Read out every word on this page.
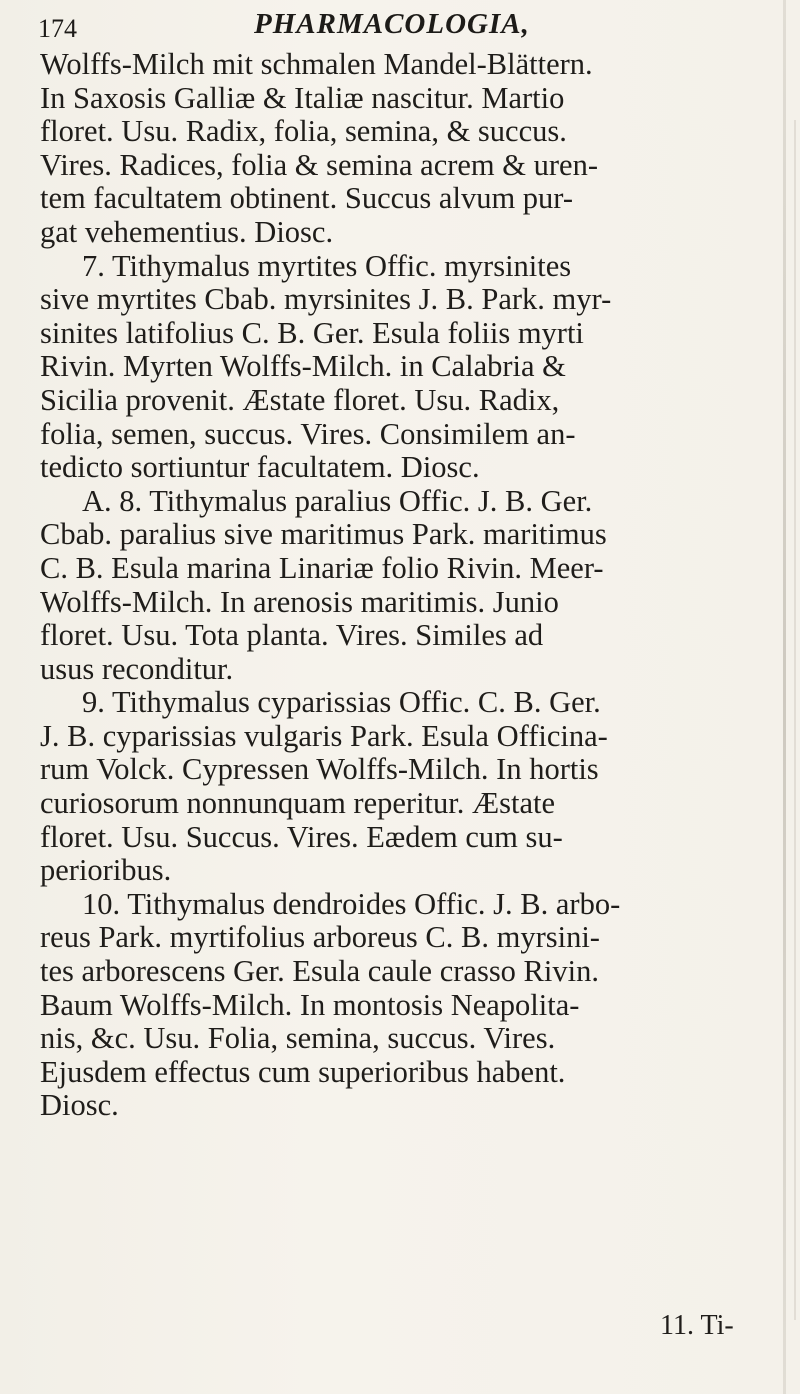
174	PHARMACOLOGIA,
Wolffs-Milch mit schmalen Mandel-Blättern.
In Saxosis Galliæ & Italiæ nascitur. Martio
floret. Usu. Radix, folia, semina, & succus.
Vires. Radices, folia & semina acrem & uren-
tem facultatem obtinent. Succus alvum pur-
gat vehementius. Diosc.
7. Tithymalus myrtites Offic. myrsinites
sive myrtites Cbab. myrsinites J. B. Park. myr-
sinites latifolius C. B. Ger. Esula foliis myrti
Rivin. Myrten Wolffs-Milch. in Calabria &
Sicilia provenit. Æstate floret. Usu. Radix,
folia, semen, succus. Vires. Consimilem an-
tedicto sortiuntur facultatem. Diosc.
A. 8. Tithymalus paralius Offic. J. B. Ger.
Cbab. paralius sive maritimus Park. maritimus
C. B. Esula marina Linariæ folio Rivin. Meer-
Wolffs-Milch. In arenosis maritimis. Junio
floret. Usu. Tota planta. Vires. Similes ad
usus reconditur.
9. Tithymalus cyparissias Offic. C. B. Ger.
J. B. cyparissias vulgaris Park. Esula Officina-
rum Volck. Cypressen Wolffs-Milch. In hortis
curiosorum nonnunquam reperitur. Æstate
floret. Usu. Succus. Vires. Eædem cum su-
perioribus.
10. Tithymalus dendroides Offic. J. B. arbo-
reus Park. myrtifolius arboreus C. B. myrsini-
tes arborescens Ger. Esula caule crasso Rivin.
Baum Wolffs-Milch. In montosis Neapolita-
nis, &c. Usu. Folia, semina, succus. Vires.
Ejusdem effectus cum superioribus habent.
Diosc.
11. Ti-
